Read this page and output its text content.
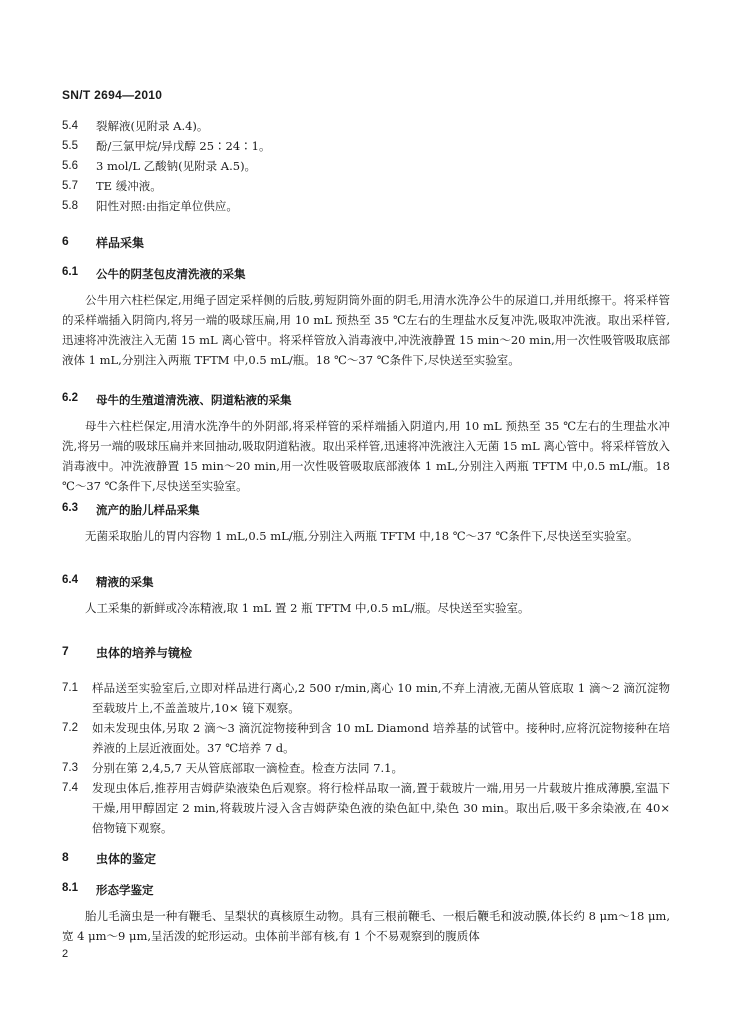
SN/T 2694—2010
5.4	裂解液(见附录 A.4)。
5.5	酚/三氯甲烷/异戊醇 25∶24∶1。
5.6	3 mol/L 乙酸钠(见附录 A.5)。
5.7	TE 缓冲液。
5.8	阳性对照:由指定单位供应。
6	样品采集
6.1	公牛的阴茎包皮清洗液的采集
公牛用六柱栏保定,用绳子固定采样侧的后肢,剪短阴筒外面的阴毛,用清水洗净公牛的尿道口,并用纸擦干。将采样管的采样端插入阴筒内,将另一端的吸球压扁,用 10 mL 预热至 35 ℃左右的生理盐水反复冲洗,吸取冲洗液。取出采样管,迅速将冲洗液注入无菌 15 mL 离心管中。将采样管放入消毒液中,冲洗液静置 15 min～20 min,用一次性吸管吸取底部液体 1 mL,分别注入两瓶 TFTM 中,0.5 mL/瓶。18 ℃～37 ℃条件下,尽快送至实验室。
6.2	母牛的生殖道清洗液、阴道粘液的采集
母牛六柱栏保定,用清水洗净牛的外阴部,将采样管的采样端插入阴道内,用 10 mL 预热至 35 ℃左右的生理盐水冲洗,将另一端的吸球压扁并来回抽动,吸取阴道粘液。取出采样管,迅速将冲洗液注入无菌 15 mL 离心管中。将采样管放入消毒液中。冲洗液静置 15 min～20 min,用一次性吸管吸取底部液体 1 mL,分别注入两瓶 TFTM 中,0.5 mL/瓶。18 ℃～37 ℃条件下,尽快送至实验室。
6.3	流产的胎儿样品采集
无菌采取胎儿的胃内容物 1 mL,0.5 mL/瓶,分别注入两瓶 TFTM 中,18 ℃～37 ℃条件下,尽快送至实验室。
6.4	精液的采集
人工采集的新鲜或冷冻精液,取 1 mL 置 2 瓶 TFTM 中,0.5 mL/瓶。尽快送至实验室。
7	虫体的培养与镜检
7.1	样品送至实验室后,立即对样品进行离心,2 500 r/min,离心 10 min,不弃上清液,无菌从管底取 1 滴～2 滴沉淀物至载玻片上,不盖盖玻片,10× 镜下观察。
7.2	如未发现虫体,另取 2 滴～3 滴沉淀物接种到含 10 mL Diamond 培养基的试管中。接种时,应将沉淀物接种在培养液的上层近液面处。37 ℃培养 7 d。
7.3	分别在第 2,4,5,7 天从管底部取一滴检查。检查方法同 7.1。
7.4	发现虫体后,推荐用吉姆萨染液染色后观察。将行检样品取一滴,置于载玻片一端,用另一片载玻片推成薄膜,室温下干燥,用甲醇固定 2 min,将载玻片浸入含吉姆萨染色液的染色缸中,染色 30 min。取出后,吸干多余染液,在 40× 倍物镜下观察。
8	虫体的鉴定
8.1	形态学鉴定
胎儿毛滴虫是一种有鞭毛、呈梨状的真核原生动物。具有三根前鞭毛、一根后鞭毛和波动膜,体长约 8 μm～18 μm,宽 4 μm～9 μm,呈活泼的蛇形运动。虫体前半部有核,有 1 个不易观察到的腹质体
2
